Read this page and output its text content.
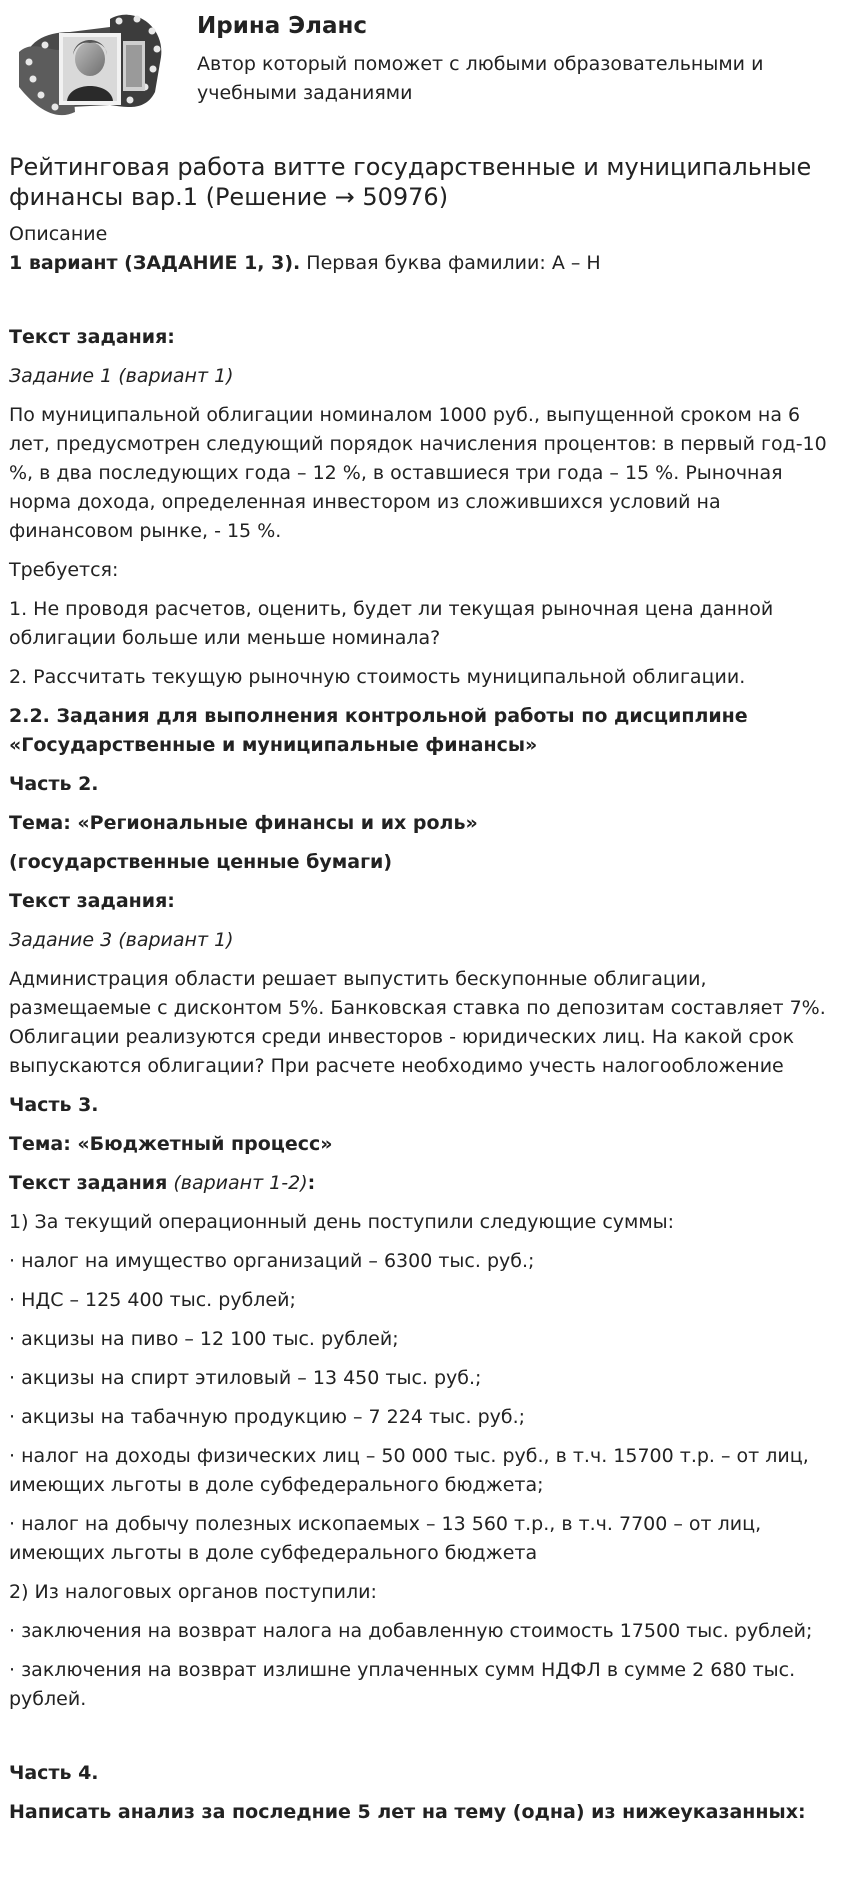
Ирина Эланс
Автор который поможет с любыми образовательными и учебными заданиями
Рейтинговая работа витте государственные и муниципальные финансы вар.1 (Решение → 50976)
Описание
1 вариант (ЗАДАНИЕ 1, 3). Первая буква фамилии: А – Н

Текст задания:

Задание 1 (вариант 1)

По муниципальной облигации номиналом 1000 руб., выпущенной сроком на 6 лет, предусмотрен следующий порядок начисления процентов: в первый год-10 %, в два последующих года – 12 %, в оставшиеся три года – 15 %. Рыночная норма дохода, определенная инвестором из сложившихся условий на финансовом рынке, - 15 %.

Требуется:

1. Не проводя расчетов, оценить, будет ли текущая рыночная цена данной облигации больше или меньше номинала?

2. Рассчитать текущую рыночную стоимость муниципальной облигации.

2.2. Задания для выполнения контрольной работы по дисциплине «Государственные и муниципальные финансы»

Часть 2.

Тема: «Региональные финансы и их роль»

(государственные ценные бумаги)

Текст задания:

Задание 3 (вариант 1)

Администрация области решает выпустить бескупонные облигации, размещаемые с дисконтом 5%. Банковская ставка по депозитам составляет 7%. Облигации реализуются среди инвесторов - юридических лиц. На какой срок выпускаются облигации? При расчете необходимо учесть налогообложение

Часть 3.

Тема: «Бюджетный процесс»

Текст задания (вариант 1-2):

1) За текущий операционный день поступили следующие суммы:

· налог на имущество организаций – 6300 тыс. руб.;

· НДС – 125 400 тыс. рублей;

· акцизы на пиво – 12 100 тыс. рублей;

· акцизы на спирт этиловый – 13 450 тыс. руб.;

· акцизы на табачную продукцию – 7 224 тыс. руб.;

· налог на доходы физических лиц – 50 000 тыс. руб., в т.ч. 15700 т.р. – от лиц, имеющих льготы в доле субфедерального бюджета;

· налог на добычу полезных ископаемых – 13 560 т.р., в т.ч. 7700 – от лиц, имеющих льготы в доле субфедерального бюджета

2) Из налоговых органов поступили:

· заключения на возврат налога на добавленную стоимость 17500 тыс. рублей;

· заключения на возврат излишне уплаченных сумм НДФЛ в сумме 2 680 тыс. рублей.

Часть 4.

Написать анализ за последние 5 лет на тему (одна) из нижеуказанных:
